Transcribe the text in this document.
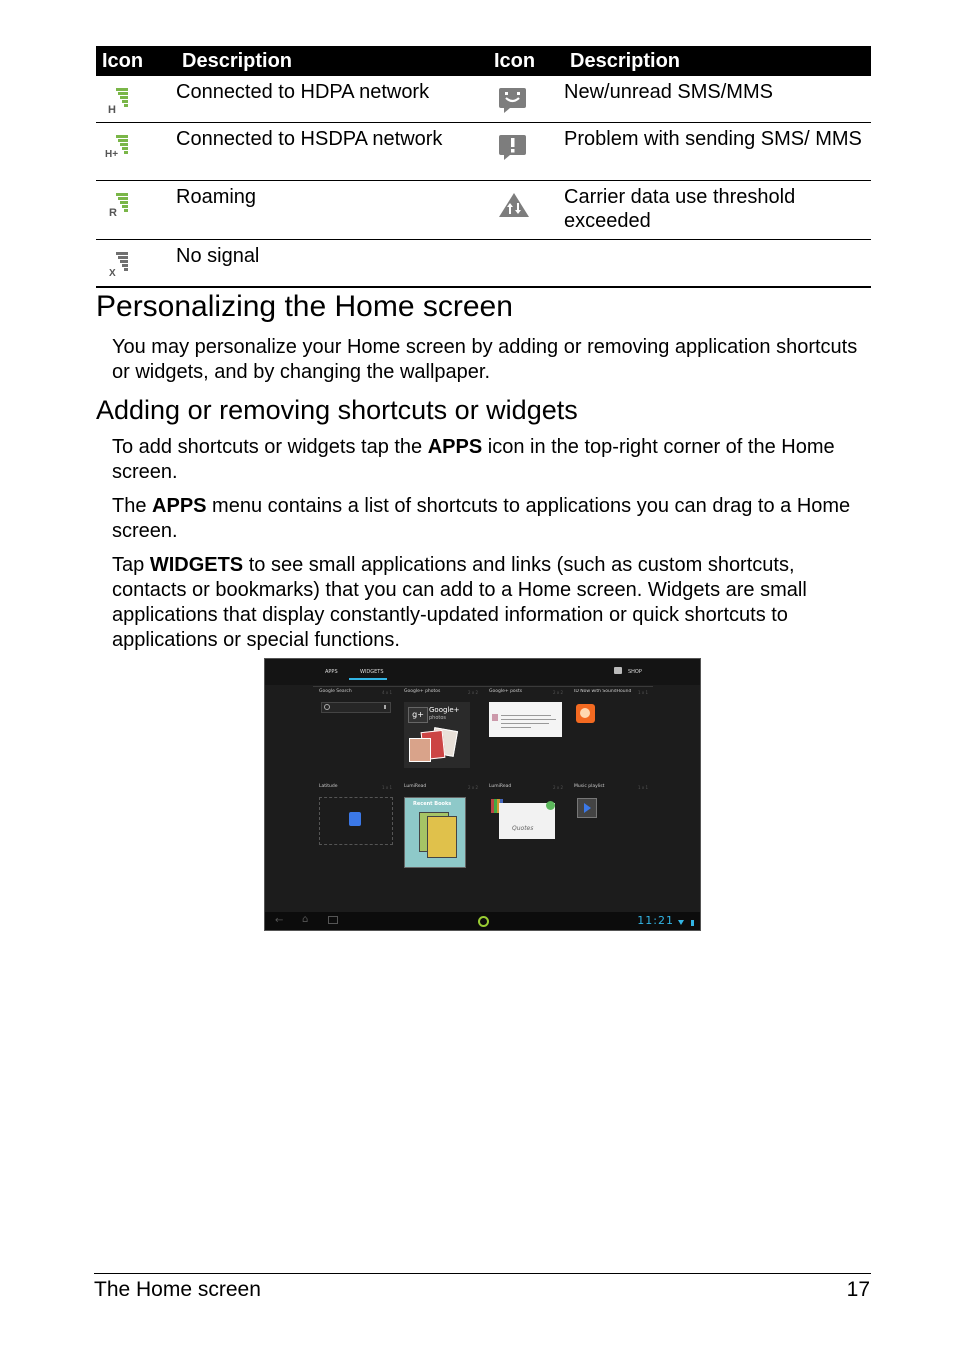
Icon	Description	Icon	Description

H	Connected to HDPA network		New/unread SMS/MMS

H+	Connected to HSDPA network		Problem with sending SMS/ MMS

R	Roaming		Carrier data use threshold exceeded

X	No signal		
Personalizing the Home screen

You may personalize your Home screen by adding or removing application shortcuts or widgets, and by changing the wallpaper.

Adding or removing shortcuts or widgets

To add shortcuts or widgets tap the APPS icon in the top-right corner of the Home screen.

The APPS menu contains a list of shortcuts to applications you can drag to a Home screen.

Tap WIDGETS to see small applications and links (such as custom shortcuts, contacts or bookmarks) that you can add to a Home screen. Widgets are small applications that display constantly-updated information or quick shortcuts to applications or special functions.

APPS	WIDGETS	SHOP
Google Search	4 x 1	Google+ photos	2 x 2 Google+ posts	2 x 2 ID Now with SoundHound	1 x 1
g+ Google+
photos
Latitude	1 x 1	LumiRead	2 x 2 LumiRead	2 x 2 Music playlist	1 x 1
Recent Books
Quotes
← ⌂	11:21
The Home screen	17
